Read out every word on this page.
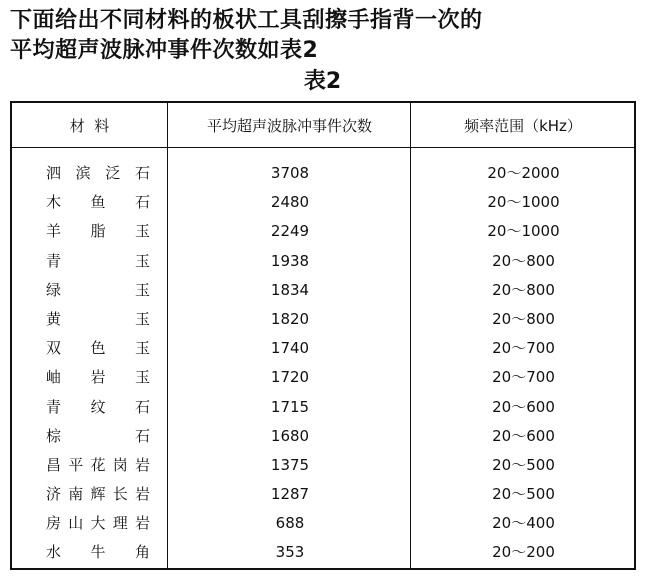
下面给出不同材料的板状工具刮擦手指背一次的
平均超声波脉冲事件次数如表2
表2
材  料	平均超声波脉冲事件次数	频率范围（kHz）
泗 滨 泛 石	3708	20～2000
木 鱼 石	2480	20～1000
羊 脂 玉	2249	20～1000
青 玉	1938	20～800
绿 玉	1834	20～800
黄 玉	1820	20～800
双 色 玉	1740	20～700
岫 岩 玉	1720	20～700
青 纹 石	1715	20～600
棕 石	1680	20～600
昌 平 花 岗 岩	1375	20～500
济 南 辉 长 岩	1287	20～500
房 山 大 理 岩	688	20～400
水 牛 角	353	20～200
